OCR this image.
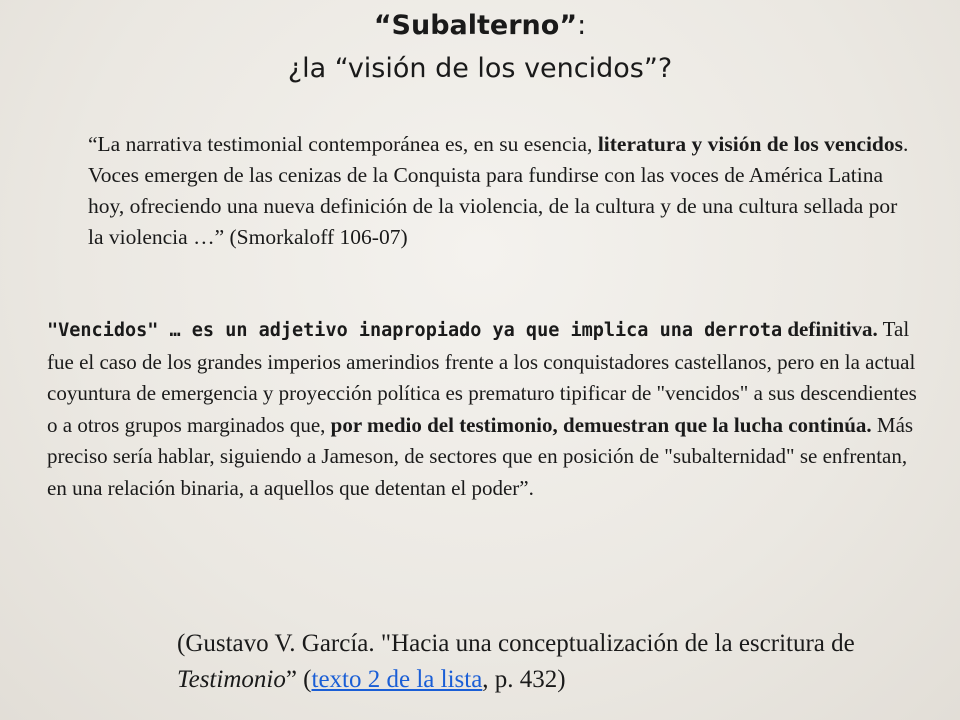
“Subalterno”:
¿la “visión de los vencidos”?
“La narrativa testimonial contemporánea es, en su esencia, literatura y visión de los vencidos. Voces emergen de las cenizas de la Conquista para fundirse con las voces de América Latina hoy, ofreciendo una nueva definición de la violencia, de la cultura y de una cultura sellada por la violencia …” (Smorkaloff 106-07)
"Vencidos" … es un adjetivo inapropiado ya que implica una derrota definitiva. Tal fue el caso de los grandes imperios amerindios frente a los conquistadores castellanos, pero en la actual coyuntura de emergencia y proyección política es prematuro tipificar de "vencidos" a sus descendientes o a otros grupos marginados que, por medio del testimonio, demuestran que la lucha continúa. Más preciso sería hablar, siguiendo a Jameson, de sectores que en posición de "subalternidad" se enfrentan, en una relación binaria, a aquellos que detentan el poder”.
(Gustavo V. García. "Hacia una conceptualización de la escritura de Testimonio” (texto 2 de la lista, p. 432)
